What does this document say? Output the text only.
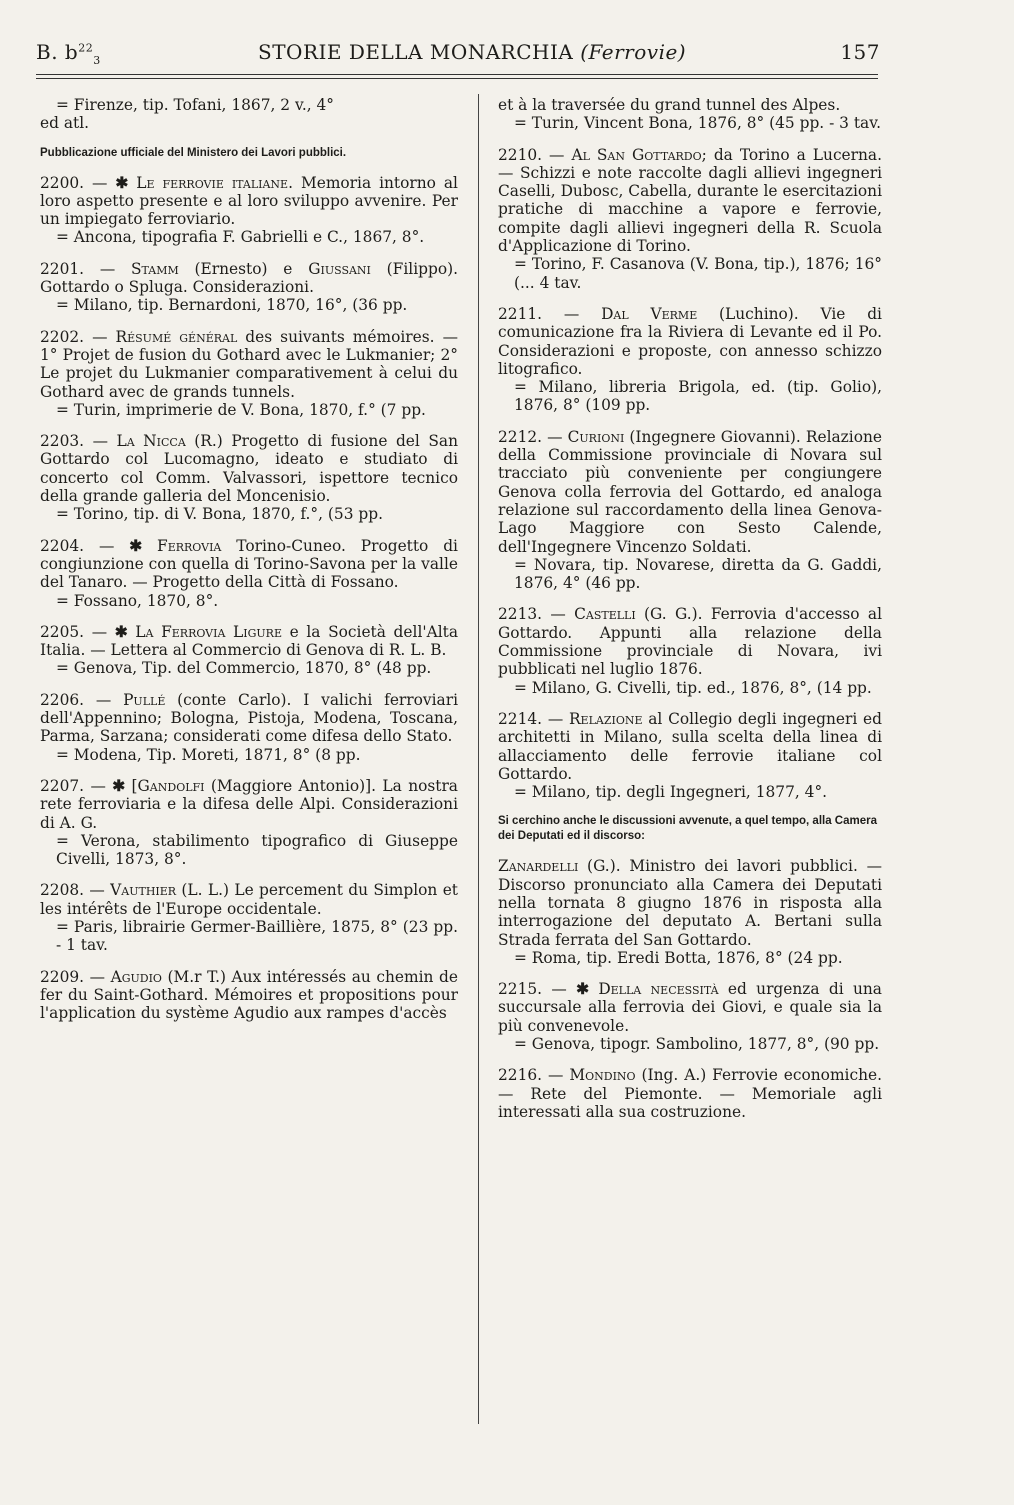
B. $b^{22}_3$	STORIE DELLA MONARCHIA (Ferrovie)	157

= Firenze, tip. Tofani, 1867, 2 v., 4°

ed atl.

Pubblicazione ufficiale del Ministero dei Lavori pubblici.

2200. — ✱ Le ferrovie italiane. Memoria intorno al loro aspetto presente e al loro sviluppo avvenire. Per un impiegato ferroviario.

= Ancona, tipografia F. Gabrielli e C., 1867, 8°.

2201. — Stamm (Ernesto) e Giussani (Filippo). Gottardo o Spluga. Considerazioni.

= Milano, tip. Bernardoni, 1870, 16°, (36 pp.

2202. — Résumé général des suivants mémoires. — 1° Projet de fusion du Gothard avec le Lukmanier; 2° Le projet du Lukmanier comparativement à celui du Gothard avec de grands tunnels.

= Turin, imprimerie de V. Bona, 1870, f.° (7 pp.

2203. — La Nicca (R.) Progetto di fusione del San Gottardo col Lucomagno, ideato e studiato di concerto col Comm. Valvassori, ispettore tecnico della grande galleria del Moncenisio.

= Torino, tip. di V. Bona, 1870, f.°, (53 pp.

2204. — ✱ Ferrovia Torino-Cuneo. Progetto di congiunzione con quella di Torino-Savona per la valle del Tanaro. — Progetto della Città di Fossano.

= Fossano, 1870, 8°.

2205. — ✱ La Ferrovia Ligure e la Società dell'Alta Italia. — Lettera al Commercio di Genova di R. L. B.

= Genova, Tip. del Commercio, 1870, 8° (48 pp.

2206. — Pullé (conte Carlo). I valichi ferroviari dell'Appennino; Bologna, Pistoja, Modena, Toscana, Parma, Sarzana; considerati come difesa dello Stato.

= Modena, Tip. Moreti, 1871, 8° (8 pp.

2207. — ✱ [Gandolfi (Maggiore Antonio)]. La nostra rete ferroviaria e la difesa delle Alpi. Considerazioni di A. G.

= Verona, stabilimento tipografico di Giuseppe Civelli, 1873, 8°.

2208. — Vauthier (L. L.) Le percement du Simplon et les intérêts de l'Europe occidentale.

= Paris, librairie Germer-Baillière, 1875, 8° (23 pp. - 1 tav.

2209. — Agudio (M.r T.) Aux intéressés au chemin de fer du Saint-Gothard. Mémoires et propositions pour l'application du système Agudio aux rampes d'accès

et à la traversée du grand tunnel des Alpes.

= Turin, Vincent Bona, 1876, 8° (45 pp. - 3 tav.

2210. — Al San Gottardo; da Torino a Lucerna. — Schizzi e note raccolte dagli allievi ingegneri Caselli, Dubosc, Cabella, durante le esercitazioni pratiche di macchine a vapore e ferrovie, compite dagli allievi ingegneri della R. Scuola d'Applicazione di Torino.

= Torino, F. Casanova (V. Bona, tip.), 1876; 16° (... 4 tav.

2211. — Dal Verme (Luchino). Vie di comunicazione fra la Riviera di Levante ed il Po. Considerazioni e proposte, con annesso schizzo litografico.

= Milano, libreria Brigola, ed. (tip. Golio), 1876, 8° (109 pp.

2212. — Curioni (Ingegnere Giovanni). Relazione della Commissione provinciale di Novara sul tracciato più conveniente per congiungere Genova colla ferrovia del Gottardo, ed analoga relazione sul raccordamento della linea Genova-Lago Maggiore con Sesto Calende, dell'Ingegnere Vincenzo Soldati.

= Novara, tip. Novarese, diretta da G. Gaddi, 1876, 4° (46 pp.

2213. — Castelli (G. G.). Ferrovia d'accesso al Gottardo. Appunti alla relazione della Commissione provinciale di Novara, ivi pubblicati nel luglio 1876.

= Milano, G. Civelli, tip. ed., 1876, 8°, (14 pp.

2214. — Relazione al Collegio degli ingegneri ed architetti in Milano, sulla scelta della linea di allacciamento delle ferrovie italiane col Gottardo.

= Milano, tip. degli Ingegneri, 1877, 4°.

Si cerchino anche le discussioni avvenute, a quel tempo, alla Camera dei Deputati ed il discorso:

Zanardelli (G.). Ministro dei lavori pubblici. — Discorso pronunciato alla Camera dei Deputati nella tornata 8 giugno 1876 in risposta alla interrogazione del deputato A. Bertani sulla Strada ferrata del San Gottardo.

= Roma, tip. Eredi Botta, 1876, 8° (24 pp.

2215. — ✱ Della necessità ed urgenza di una succursale alla ferrovia dei Giovi, e quale sia la più convenevole.

= Genova, tipogr. Sambolino, 1877, 8°, (90 pp.

2216. — Mondino (Ing. A.) Ferrovie economiche. — Rete del Piemonte. — Memoriale agli interessati alla sua costruzione.
